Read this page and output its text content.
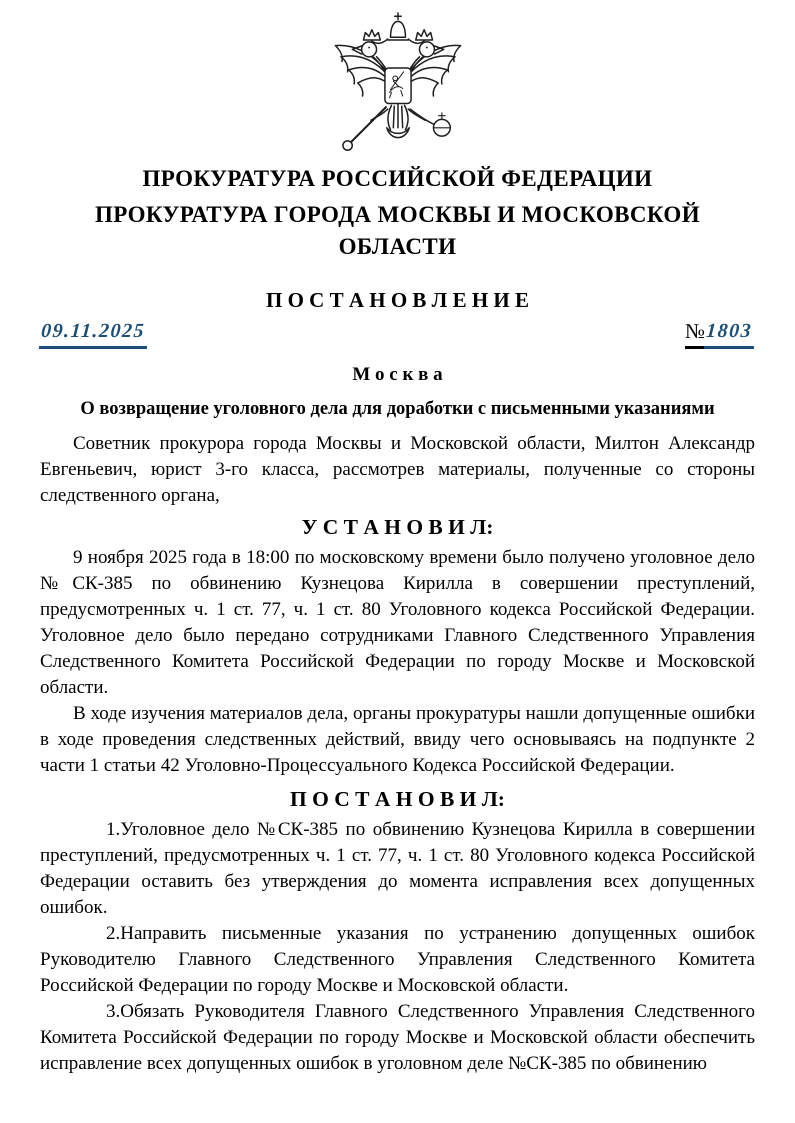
ПРОКУРАТУРА РОССИЙСКОЙ ФЕДЕРАЦИИ
ПРОКУРАТУРА ГОРОДА МОСКВЫ И МОСКОВСКОЙ ОБЛАСТИ
П О С Т А Н О В Л Е Н И Е
09.11.2025	№ 1803
М о с к в а
О возвращение уголовного дела для доработки с письменными указаниями

Советник прокурора города Москвы и Московской области, Милтон Александр Евгеньевич, юрист 3-го класса, рассмотрев материалы, полученные со стороны следственного органа,

У С Т А Н О В И Л:

9 ноября 2025 года в 18:00 по московскому времени было получено уголовное дело №СК-385 по обвинению Кузнецова Кирилла в совершении преступлений, предусмотренных ч. 1 ст. 77, ч. 1 ст. 80 Уголовного кодекса Российской Федерации. Уголовное дело было передано сотрудниками Главного Следственного Управления Следственного Комитета Российской Федерации по городу Москве и Московской области.

В ходе изучения материалов дела, органы прокуратуры нашли допущенные ошибки в ходе проведения следственных действий, ввиду чего основываясь на подпункте 2 части 1 статьи 42 Уголовно-Процессуального Кодекса Российской Федерации.

П О С Т А Н О В И Л:

1.Уголовное дело №СК-385 по обвинению Кузнецова Кирилла в совершении преступлений, предусмотренных ч. 1 ст. 77, ч. 1 ст. 80 Уголовного кодекса Российской Федерации оставить без утверждения до момента исправления всех допущенных ошибок.

2.Направить письменные указания по устранению допущенных ошибок Руководителю Главного Следственного Управления Следственного Комитета Российской Федерации по городу Москве и Московской области.

3.Обязать Руководителя Главного Следственного Управления Следственного Комитета Российской Федерации по городу Москве и Московской области обеспечить исправление всех допущенных ошибок в уголовном деле №СК-385 по обвинению
